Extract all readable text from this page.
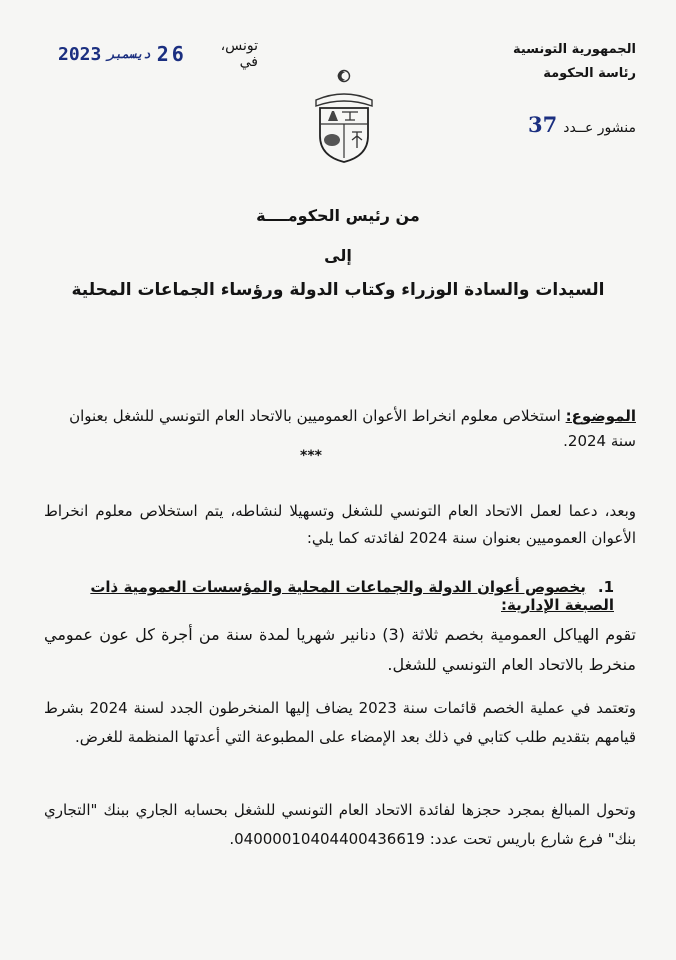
الجمهورية التونسية
رئاسة الحكومة
منشور عــدد37
2023 ديسمبر 26 تونس، في
من رئيس الحكومــــة
إلى
السيدات والسادة الوزراء وكتاب الدولة ورؤساء الجماعات المحلية
الموضوع: استخلاص معلوم انخراط الأعوان العموميين بالاتحاد العام التونسي للشغل بعنوان سنة 2024.
***
وبعد، دعما لعمل الاتحاد العام التونسي للشغل وتسهيلا لنشاطه، يتم استخلاص معلوم انخراط الأعوان العموميين بعنوان سنة 2024 لفائدته كما يلي:
1.بخصوص أعوان الدولة والجماعات المحلية والمؤسسات العمومية ذات الصبغة الإدارية:
تقوم الهياكل العمومية بخصم ثلاثة (3) دنانير شهريا لمدة سنة من أجرة كل عون عمومي منخرط بالاتحاد العام التونسي للشغل.
وتعتمد في عملية الخصم قائمات سنة 2023 يضاف إليها المنخرطون الجدد لسنة 2024 بشرط قيامهم بتقديم طلب كتابي في ذلك بعد الإمضاء على المطبوعة التي أعدتها المنظمة للغرض.
وتحول المبالغ بمجرد حجزها لفائدة الاتحاد العام التونسي للشغل بحسابه الجاري ببنك "التجاري بنك" فرع شارع باريس تحت عدد: 04000010404400436619.
